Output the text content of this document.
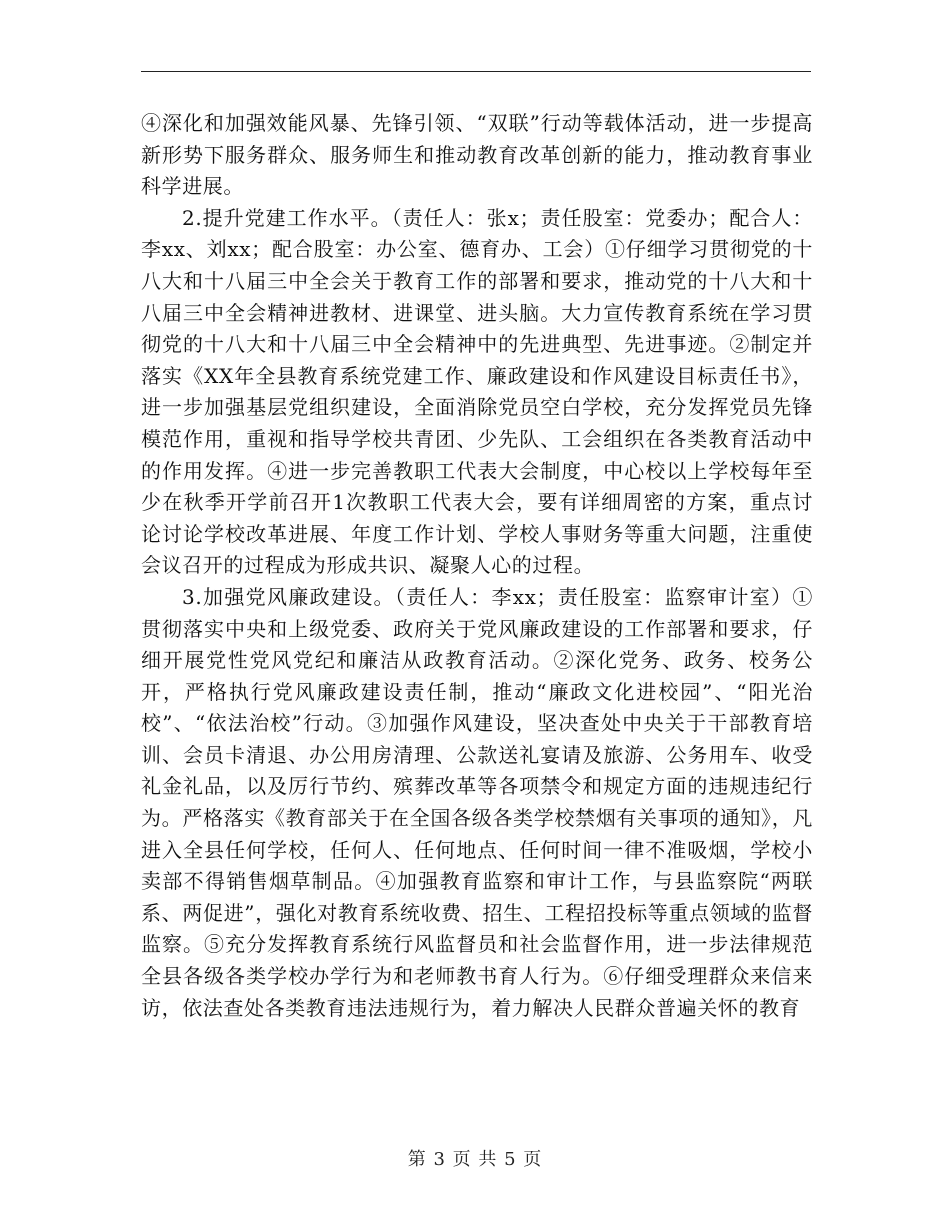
④深化和加强效能风暴、先锋引领、“双联”行动等载体活动，进一步提高新形势下服务群众、服务师生和推动教育改革创新的能力，推动教育事业科学进展。

2.提升党建工作水平。（责任人：张x；责任股室：党委办；配合人：李xx、刘xx；配合股室：办公室、德育办、工会）①仔细学习贯彻党的十八大和十八届三中全会关于教育工作的部署和要求，推动党的十八大和十八届三中全会精神进教材、进课堂、进头脑。大力宣传教育系统在学习贯彻党的十八大和十八届三中全会精神中的先进典型、先进事迹。②制定并落实《XX年全县教育系统党建工作、廉政建设和作风建设目标责任书》，进一步加强基层党组织建设，全面消除党员空白学校，充分发挥党员先锋模范作用，重视和指导学校共青团、少先队、工会组织在各类教育活动中的作用发挥。④进一步完善教职工代表大会制度，中心校以上学校每年至少在秋季开学前召开1次教职工代表大会，要有详细周密的方案，重点讨论讨论学校改革进展、年度工作计划、学校人事财务等重大问题，注重使会议召开的过程成为形成共识、凝聚人心的过程。

3.加强党风廉政建设。（责任人：李xx；责任股室：监察审计室）①贯彻落实中央和上级党委、政府关于党风廉政建设的工作部署和要求，仔细开展党性党风党纪和廉洁从政教育活动。②深化党务、政务、校务公开，严格执行党风廉政建设责任制，推动“廉政文化进校园”、“阳光治校”、“依法治校”行动。③加强作风建设，坚决查处中央关于干部教育培训、会员卡清退、办公用房清理、公款送礼宴请及旅游、公务用车、收受礼金礼品，以及厉行节约、殡葬改革等各项禁令和规定方面的违规违纪行为。严格落实《教育部关于在全国各级各类学校禁烟有关事项的通知》，凡进入全县任何学校，任何人、任何地点、任何时间一律不准吸烟，学校小卖部不得销售烟草制品。④加强教育监察和审计工作，与县监察院“两联系、两促进”，强化对教育系统收费、招生、工程招投标等重点领域的监督监察。⑤充分发挥教育系统行风监督员和社会监督作用，进一步法律规范全县各级各类学校办学行为和老师教书育人行为。⑥仔细受理群众来信来访，依法查处各类教育违法违规行为，着力解决人民群众普遍关怀的教育

第 3 页 共 5 页
